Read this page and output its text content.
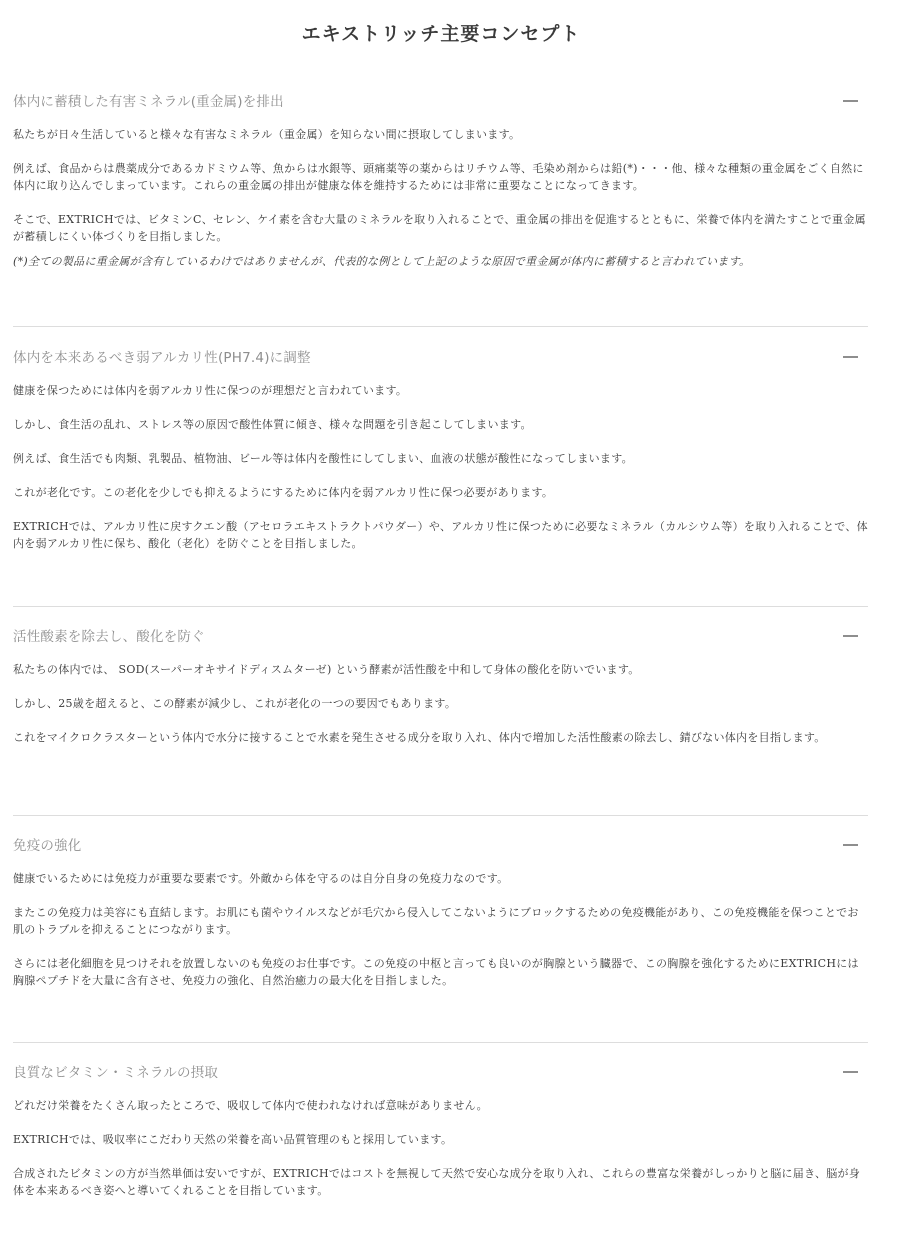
エキストリッチ主要コンセプト
体内に蓄積した有害ミネラル(重金属)を排出

私たちが日々生活していると様々な有害なミネラル（重金属）を知らない間に摂取してしまいます。

例えば、食品からは農薬成分であるカドミウム等、魚からは水銀等、頭痛薬等の薬からはリチウム等、毛染め剤からは鉛(*)・・・他、様々な種類の重金属をごく自然に体内に取り込んでしまっています。これらの重金属の排出が健康な体を維持するためには非常に重要なことになってきます。

そこで、EXTRICHでは、ビタミンC、セレン、ケイ素を含む大量のミネラルを取り入れることで、重金属の排出を促進するとともに、栄養で体内を満たすことで重金属が蓄積しにくい体づくりを目指しました。

(*)全ての製品に重金属が含有しているわけではありませんが、代表的な例として上記のような原因で重金属が体内に蓄積すると言われています。

体内を本来あるべき弱アルカリ性(PH7.4)に調整

健康を保つためには体内を弱アルカリ性に保つのが理想だと言われています。

しかし、食生活の乱れ、ストレス等の原因で酸性体質に傾き、様々な問題を引き起こしてしまいます。

例えば、食生活でも肉類、乳製品、植物油、ビール等は体内を酸性にしてしまい、血液の状態が酸性になってしまいます。

これが老化です。この老化を少しでも抑えるようにするために体内を弱アルカリ性に保つ必要があります。

EXTRICHでは、アルカリ性に戻すクエン酸（アセロラエキストラクトパウダー）や、アルカリ性に保つために必要なミネラル（カルシウム等）を取り入れることで、体内を弱アルカリ性に保ち、酸化（老化）を防ぐことを目指しました。

活性酸素を除去し、酸化を防ぐ

私たちの体内では、 SOD(スーパーオキサイドディスムターゼ) という酵素が活性酸を中和して身体の酸化を防いでいます。

しかし、25歳を超えると、この酵素が減少し、これが老化の一つの要因でもあります。

これをマイクロクラスターという体内で水分に接することで水素を発生させる成分を取り入れ、体内で増加した活性酸素の除去し、錆びない体内を目指します。

免疫の強化

健康でいるためには免疫力が重要な要素です。外敵から体を守るのは自分自身の免疫力なのです。

またこの免疫力は美容にも直結します。お肌にも菌やウイルスなどが毛穴から侵入してこないようにブロックするための免疫機能があり、この免疫機能を保つことでお肌のトラブルを抑えることにつながります。

さらには老化細胞を見つけそれを放置しないのも免疫のお仕事です。この免疫の中枢と言っても良いのが胸腺という臓器で、この胸腺を強化するためにEXTRICHには胸腺ペプチドを大量に含有させ、免疫力の強化、自然治癒力の最大化を目指しました。

良質なビタミン・ミネラルの摂取

どれだけ栄養をたくさん取ったところで、吸収して体内で使われなければ意味がありません。

EXTRICHでは、吸収率にこだわり天然の栄養を高い品質管理のもと採用しています。

合成されたビタミンの方が当然単価は安いですが、EXTRICHではコストを無視して天然で安心な成分を取り入れ、これらの豊富な栄養がしっかりと脳に届き、脳が身体を本来あるべき姿へと導いてくれることを目指しています。
